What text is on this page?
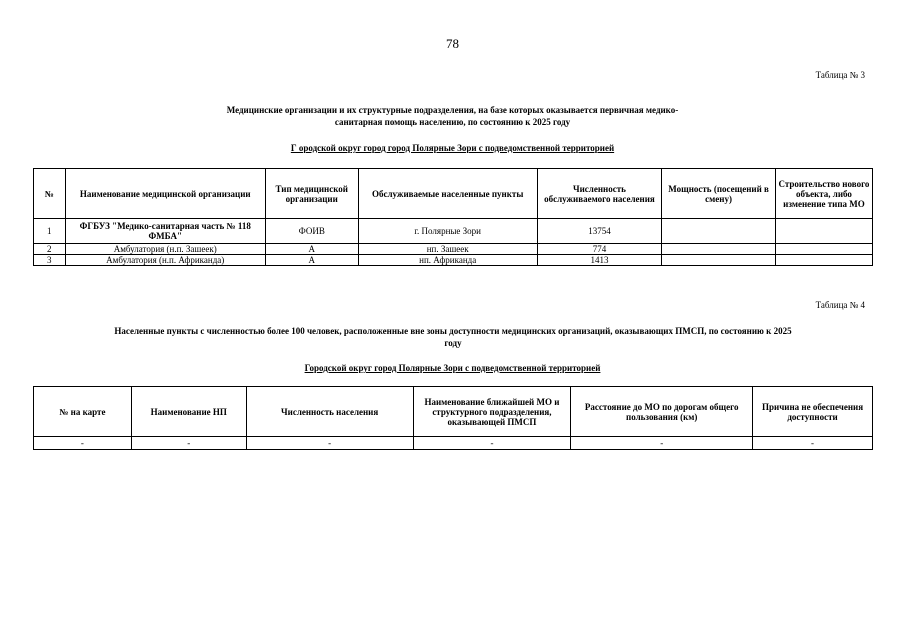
78
Таблица № 3
Медицинские организации и их структурные подразделения, на базе которых оказывается первичная медико-
санитарная помощь населению, по состоянию к 2025 году
Г ородской округ город город Полярные Зори с подведомственной территорией
№	Наименование медицинской организации	Тип медицинской организации	Обслуживаемые населенные пункты	Численность обслуживаемого населения	Мощность (посещений в смену)	Строительство нового объекта, либо изменение типа МО
1	ФГБУЗ "Медико-санитарная часть № 118 ФМБА"	ФОИВ	г. Полярные Зори	13754		
2	Амбулатория (н.п. Зашеек)	А	нп. Зашеек	774		
3	Амбулатория (н.п. Африканда)	А	нп. Африканда	1413		
Таблица № 4
Населенные пункты с численностью более 100 человек, расположенные вне зоны доступности медицинских организаций, оказывающих ПМСП, по состоянию к 2025
году
Городской округ город Полярные Зори с подведомственной территорией
№ на карте	Наименование НП	Численность населения	Наименование ближайшей МО и структурного подразделения, оказывающей ПМСП	Расстояние до МО по дорогам общего пользования (км)	Причина не обеспечения доступности
-	-	-	-	-	-
